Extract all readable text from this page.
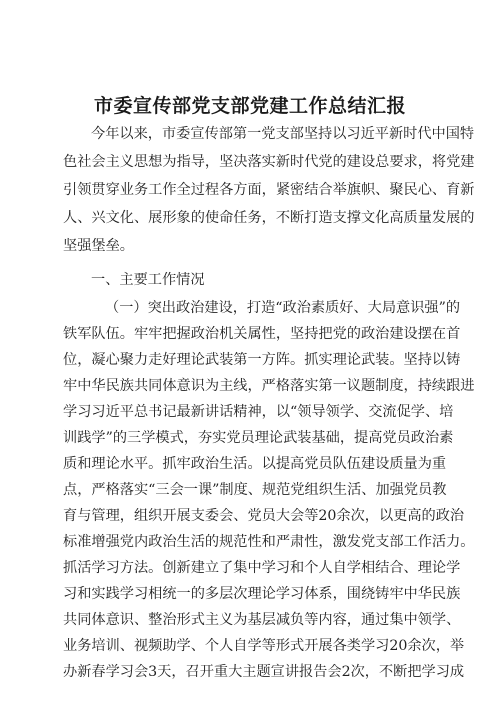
市委宣传部党支部党建工作总结汇报
今年以来，市委宣传部第一党支部坚持以习近平新时代中国特
色社会主义思想为指导，坚决落实新时代党的建设总要求，将党建
引领贯穿业务工作全过程各方面，紧密结合举旗帜、聚民心、育新
人、兴文化、展形象的使命任务，不断打造支撑文化高质量发展的
坚强堡垒。
一、主要工作情况
（一）突出政治建设，打造“政治素质好、大局意识强”的
铁军队伍。牢牢把握政治机关属性，坚持把党的政治建设摆在首
位，凝心聚力走好理论武装第一方阵。抓实理论武装。坚持以铸
牢中华民族共同体意识为主线，严格落实第一议题制度，持续跟进
学习习近平总书记最新讲话精神，以“领导领学、交流促学、培
训践学”的三学模式，夯实党员理论武装基础，提高党员政治素
质和理论水平。抓牢政治生活。以提高党员队伍建设质量为重
点，严格落实“三会一课”制度、规范党组织生活、加强党员教
育与管理，组织开展支委会、党员大会等20余次，以更高的政治
标准增强党内政治生活的规范性和严肃性，激发党支部工作活力。
抓活学习方法。创新建立了集中学习和个人自学相结合、理论学
习和实践学习相统一的多层次理论学习体系，围绕铸牢中华民族
共同体意识、整治形式主义为基层减负等内容，通过集中领学、
业务培训、视频助学、个人自学等形式开展各类学习20余次，举
办新春学习会3天，召开重大主题宣讲报告会2次，不断把学习成
